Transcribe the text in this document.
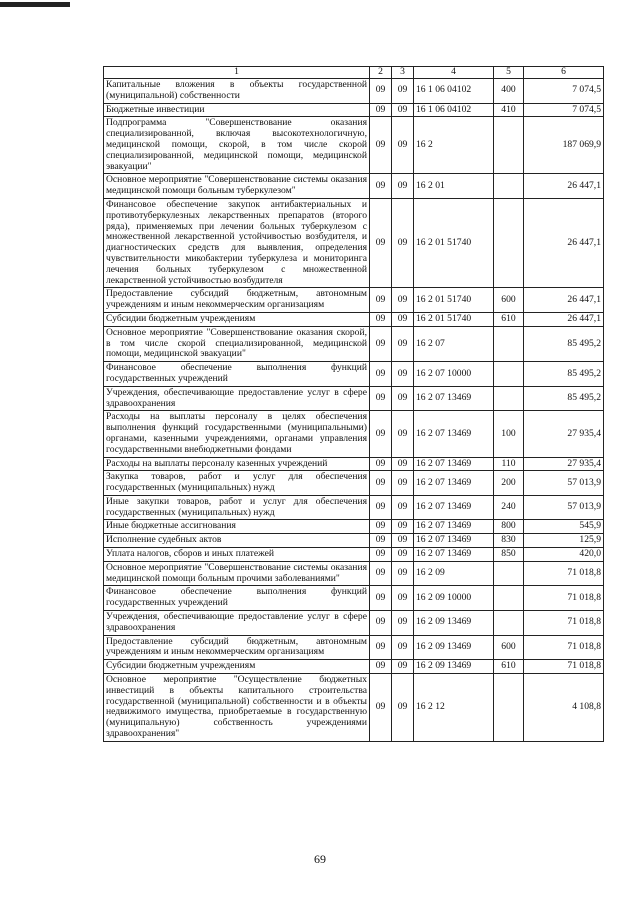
1	2	3	4	5	6
Капитальные вложения в объекты государственной (муниципальной) собственности	09	09	16 1 06 04102	400	7 074,5
Бюджетные инвестиции	09	09	16 1 06 04102	410	7 074,5
Подпрограмма "Совершенствование оказания специализированной, включая высокотехнологичную, медицинской помощи, скорой, в том числе скорой специализированной, медицинской помощи, медицинской эвакуации"	09	09	16 2		187 069,9
Основное мероприятие "Совершенствование системы оказания медицинской помощи больным туберкулезом"	09	09	16 2 01		26 447,1
Финансовое обеспечение закупок антибактериальных и противотуберкулезных лекарственных препаратов (второго ряда), применяемых при лечении больных туберкулезом с множественной лекарственной устойчивостью возбудителя, и диагностических средств для выявления, определения чувствительности микобактерии туберкулеза и мониторинга лечения больных туберкулезом с множественной лекарственной устойчивостью возбудителя	09	09	16 2 01 51740		26 447,1
Предоставление субсидий бюджетным, автономным учреждениям и иным некоммерческим организациям	09	09	16 2 01 51740	600	26 447,1
Субсидии бюджетным учреждениям	09	09	16 2 01 51740	610	26 447,1
Основное мероприятие "Совершенствование оказания скорой, в том числе скорой специализированной, медицинской помощи, медицинской эвакуации"	09	09	16 2 07		85 495,2
Финансовое обеспечение выполнения функций государственных учреждений	09	09	16 2 07 10000		85 495,2
Учреждения, обеспечивающие предоставление услуг в сфере здравоохранения	09	09	16 2 07 13469		85 495,2
Расходы на выплаты персоналу в целях обеспечения выполнения функций государственными (муниципальными) органами, казенными учреждениями, органами управления государственными внебюджетными фондами	09	09	16 2 07 13469	100	27 935,4
Расходы на выплаты персоналу казенных учреждений	09	09	16 2 07 13469	110	27 935,4
Закупка товаров, работ и услуг для обеспечения государственных (муниципальных) нужд	09	09	16 2 07 13469	200	57 013,9
Иные закупки товаров, работ и услуг для обеспечения государственных (муниципальных) нужд	09	09	16 2 07 13469	240	57 013,9
Иные бюджетные ассигнования	09	09	16 2 07 13469	800	545,9
Исполнение судебных актов	09	09	16 2 07 13469	830	125,9
Уплата налогов, сборов и иных платежей	09	09	16 2 07 13469	850	420,0
Основное мероприятие "Совершенствование системы оказания медицинской помощи больным прочими заболеваниями"	09	09	16 2 09		71 018,8
Финансовое обеспечение выполнения функций государственных учреждений	09	09	16 2 09 10000		71 018,8
Учреждения, обеспечивающие предоставление услуг в сфере здравоохранения	09	09	16 2 09 13469		71 018,8
Предоставление субсидий бюджетным, автономным учреждениям и иным некоммерческим организациям	09	09	16 2 09 13469	600	71 018,8
Субсидии бюджетным учреждениям	09	09	16 2 09 13469	610	71 018,8
Основное мероприятие "Осуществление бюджетных инвестиций в объекты капитального строительства государственной (муниципальной) собственности и в объекты недвижимого имущества, приобретаемые в государственную (муниципальную) собственность учреждениями здравоохранения"	09	09	16 2 12		4 108,8
69
